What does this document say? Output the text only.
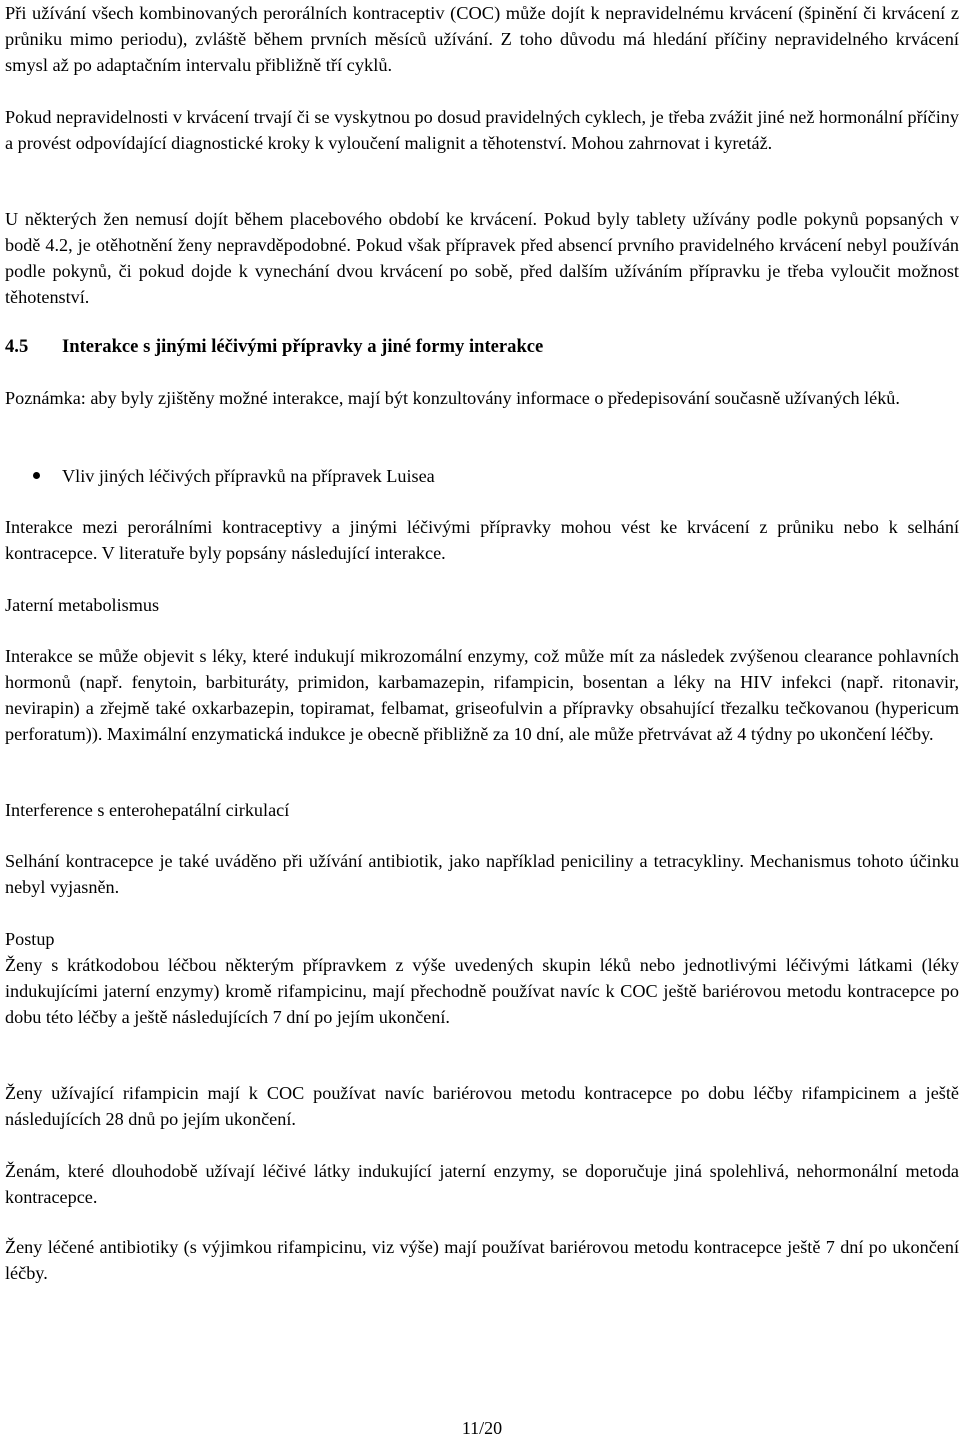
Při užívání všech kombinovaných perorálních kontraceptiv (COC) může dojít k nepravidelnému krvácení (špinění či krvácení z průniku mimo periodu), zvláště během prvních měsíců užívání. Z toho důvodu má hledání příčiny nepravidelného krvácení smysl až po adaptačním intervalu přibližně tří cyklů.

Pokud nepravidelnosti v krvácení trvají či se vyskytnou po dosud pravidelných cyklech, je třeba zvážit jiné než hormonální příčiny a provést odpovídající diagnostické kroky k vyloučení malignit a těhotenství. Mohou zahrnovat i kyretáž.

U některých žen nemusí dojít během placebového období ke krvácení. Pokud byly tablety užívány podle pokynů popsaných v bodě 4.2, je otěhotnění ženy nepravděpodobné. Pokud však přípravek před absencí prvního pravidelného krvácení nebyl používán podle pokynů, či pokud dojde k vynechání dvou krvácení po sobě, před dalším užíváním přípravku je třeba vyloučit možnost těhotenství.

4.5 Interakce s jinými léčivými přípravky a jiné formy interakce

Poznámka: aby byly zjištěny možné interakce, mají být konzultovány informace o předepisování současně užívaných léků.

Vliv jiných léčivých přípravků na přípravek Luisea

Interakce mezi perorálními kontraceptivy a jinými léčivými přípravky mohou vést ke krvácení z průniku nebo k selhání kontracepce. V literatuře byly popsány následující interakce.

Jaterní metabolismus

Interakce se může objevit s léky, které indukují mikrozomální enzymy, což může mít za následek zvýšenou clearance pohlavních hormonů (např. fenytoin, barbituráty, primidon, karbamazepin, rifampicin, bosentan a léky na HIV infekci (např. ritonavir, nevirapin) a zřejmě také oxkarbazepin, topiramat, felbamat, griseofulvin a přípravky obsahující třezalku tečkovanou (hypericum perforatum)). Maximální enzymatická indukce je obecně přibližně za 10 dní, ale může přetrvávat až 4 týdny po ukončení léčby.

Interference s enterohepatální cirkulací

Selhání kontracepce je také uváděno při užívání antibiotik, jako například peniciliny a tetracykliny. Mechanismus tohoto účinku nebyl vyjasněn.

Postup

Ženy s krátkodobou léčbou některým přípravkem z výše uvedených skupin léků nebo jednotlivými léčivými látkami (léky indukujícími jaterní enzymy) kromě rifampicinu, mají přechodně používat navíc k COC ještě bariérovou metodu kontracepce po dobu této léčby a ještě následujících 7 dní po jejím ukončení.

Ženy užívající rifampicin mají k COC používat navíc bariérovou metodu kontracepce po dobu léčby rifampicinem a ještě následujících 28 dnů po jejím ukončení.

Ženám, které dlouhodobě užívají léčivé látky indukující jaterní enzymy, se doporučuje jiná spolehlivá, nehormonální metoda kontracepce.

Ženy léčené antibiotiky (s výjimkou rifampicinu, viz výše) mají používat bariérovou metodu kontracepce ještě 7 dní po ukončení léčby.

11/20
